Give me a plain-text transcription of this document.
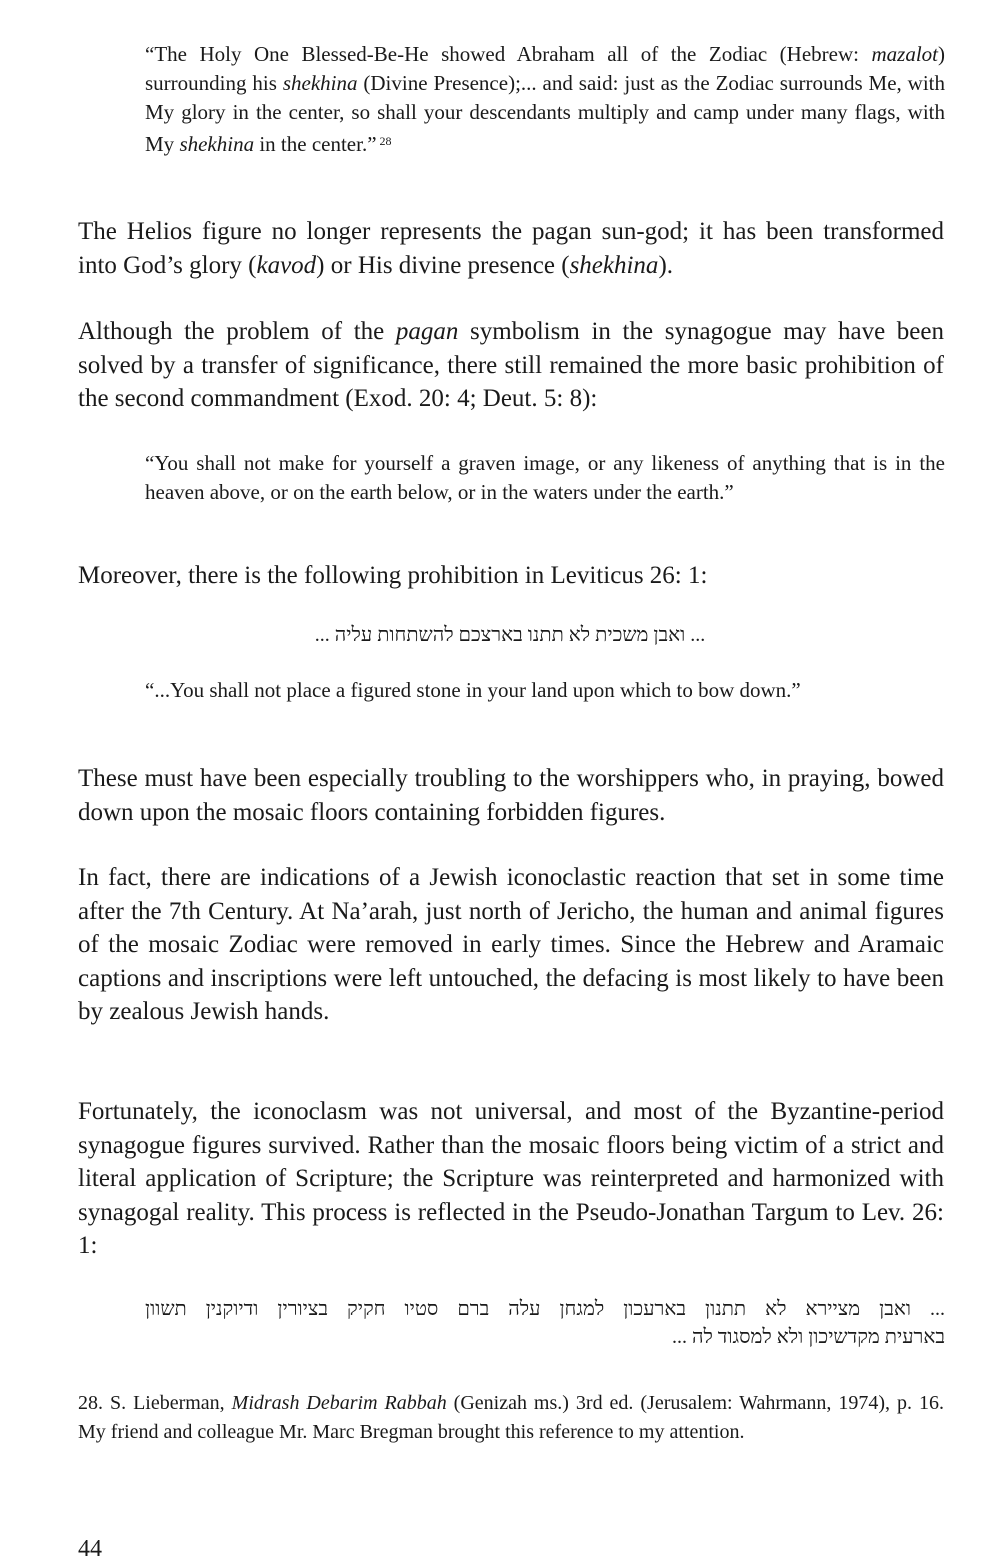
“The Holy One Blessed-Be-He showed Abraham all of the Zodiac (Hebrew: mazalot) surrounding his shekhina (Divine Presence);... and said: just as the Zodiac surrounds Me, with My glory in the center, so shall your descendants multiply and camp under many flags, with My shekhina in the center.” $^{28}$

The Helios figure no longer represents the pagan sun-god; it has been transformed into God’s glory (kavod) or His divine presence (shekhina).

Although the problem of the pagan symbolism in the synagogue may have been solved by a transfer of significance, there still remained the more basic prohibition of the second commandment (Exod. 20: 4; Deut. 5: 8):

“You shall not make for yourself a graven image, or any likeness of anything that is in the heaven above, or on the earth below, or in the waters under the earth.”

Moreover, there is the following prohibition in Leviticus 26: 1:

... ואבן משכית לא תתנו בארצכם להשתחות עליה ...

“...You shall not place a figured stone in your land upon which to bow down.”

These must have been especially troubling to the worshippers who, in praying, bowed down upon the mosaic floors containing forbidden figures.

In fact, there are indications of a Jewish iconoclastic reaction that set in some time after the 7th Century. At Na’arah, just north of Jericho, the human and animal figures of the mosaic Zodiac were removed in early times. Since the Hebrew and Aramaic captions and inscriptions were left untouched, the defacing is most likely to have been by zealous Jewish hands.

Fortunately, the iconoclasm was not universal, and most of the Byzantine-period synagogue figures survived. Rather than the mosaic floors being victim of a strict and literal application of Scripture; the Scripture was reinterpreted and harmonized with synagogal reality. This process is reflected in the Pseudo-Jonathan Targum to Lev. 26: 1:

... ואבן מציירא לא תתנון בארעכון למגחן עלה ברם סטיו חקיק בציורין ודיוקנין תשוון

בארעית מקדשיכון ולא למסגוד לה ...

28. S. Lieberman, Midrash Debarim Rabbah (Genizah ms.) 3rd ed. (Jerusalem: Wahrmann, 1974), p. 16. My friend and colleague Mr. Marc Bregman brought this reference to my attention.

44
